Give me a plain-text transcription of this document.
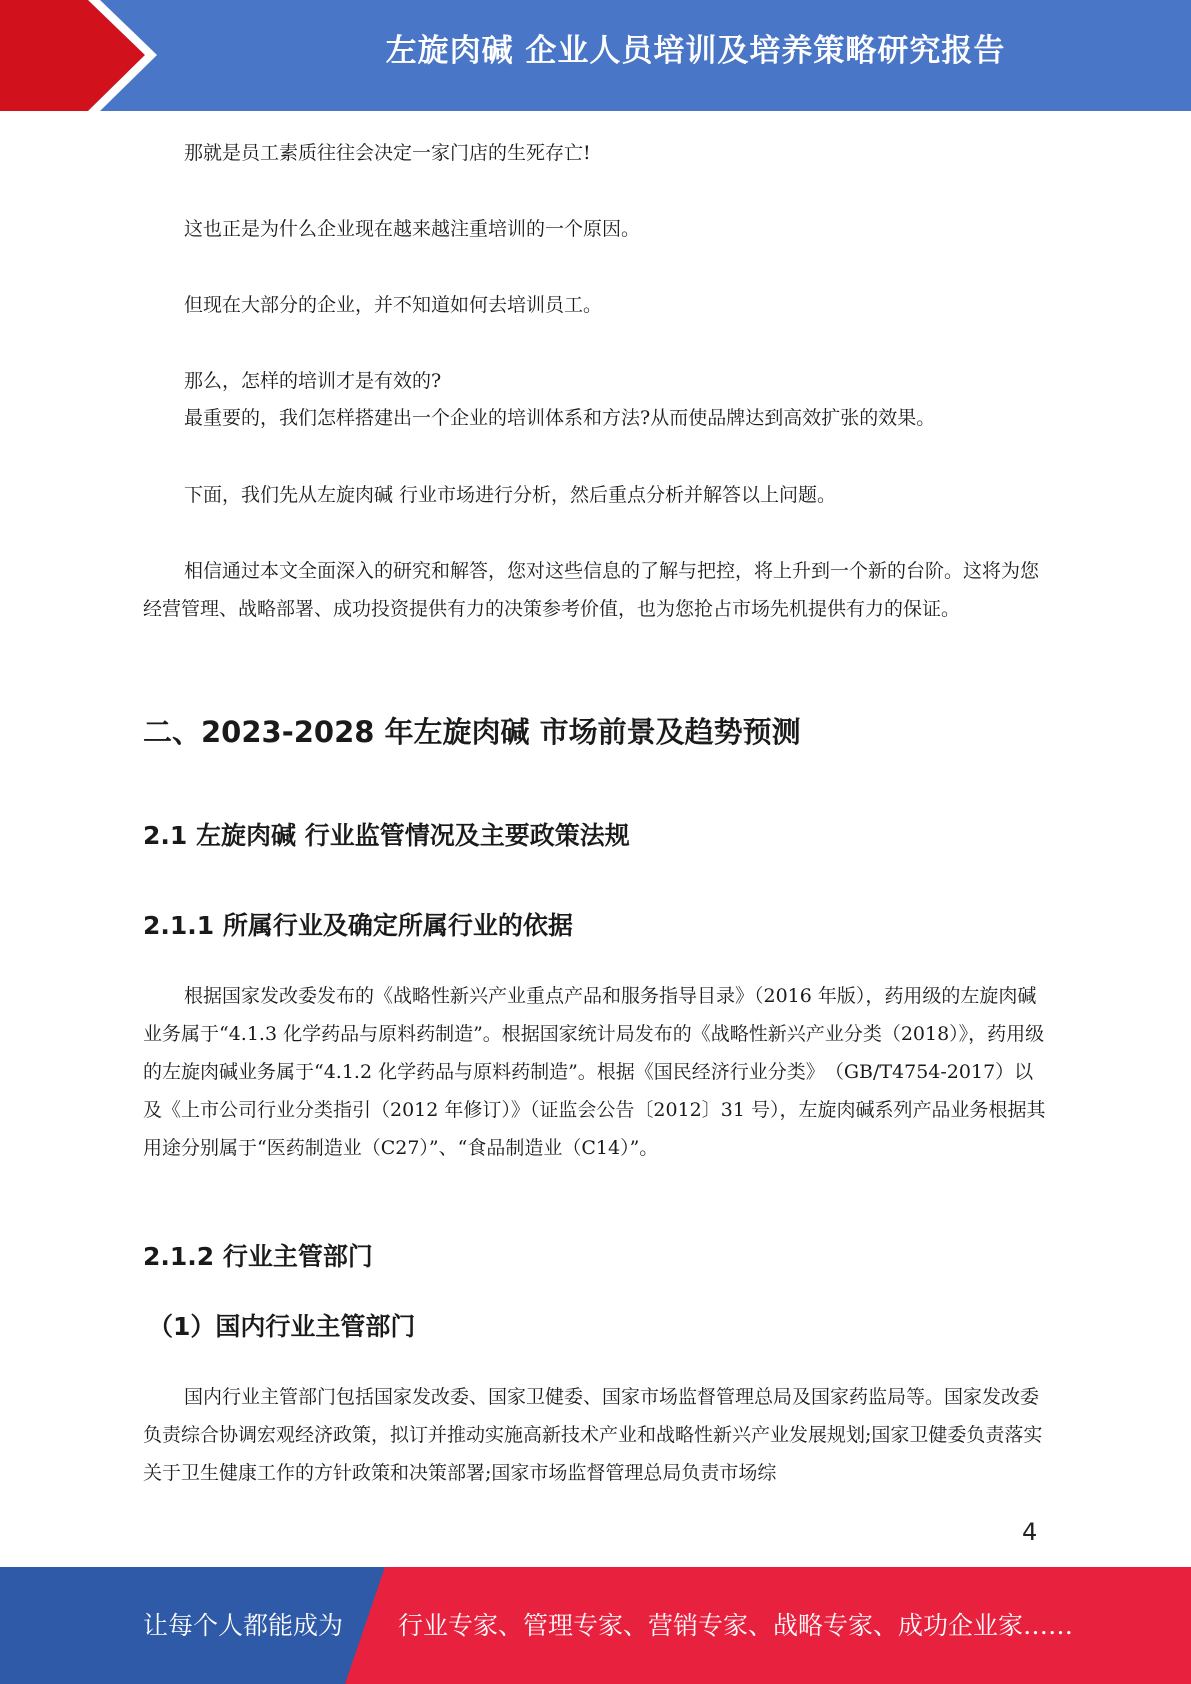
左旋肉碱 企业人员培训及培养策略研究报告

那就是员工素质往往会决定一家门店的生死存亡!

这也正是为什么企业现在越来越注重培训的一个原因。

但现在大部分的企业，并不知道如何去培训员工。

那么，怎样的培训才是有效的?

最重要的，我们怎样搭建出一个企业的培训体系和方法?从而使品牌达到高效扩张的效果。

下面，我们先从左旋肉碱 行业市场进行分析，然后重点分析并解答以上问题。

相信通过本文全面深入的研究和解答，您对这些信息的了解与把控，将上升到一个新的台阶。这将为您经营管理、战略部署、成功投资提供有力的决策参考价值，也为您抢占市场先机提供有力的保证。

二、2023-2028 年左旋肉碱 市场前景及趋势预测
2.1 左旋肉碱 行业监管情况及主要政策法规
2.1.1 所属行业及确定所属行业的依据

根据国家发改委发布的《战略性新兴产业重点产品和服务指导目录》（2016 年版），药用级的左旋肉碱业务属于“4.1.3 化学药品与原料药制造”。根据国家统计局发布的《战略性新兴产业分类（2018）》，药用级的左旋肉碱业务属于“4.1.2 化学药品与原料药制造”。根据《国民经济行业分类》　（GB/T4754-2017）以及《上市公司行业分类指引（2012 年修订）》（证监会公告〔2012〕31 号），左旋肉碱系列产品业务根据其用途分别属于“医药制造业（C27）”、“食品制造业（C14）”。

2.1.2 行业主管部门
（1）国内行业主管部门

国内行业主管部门包括国家发改委、国家卫健委、国家市场监督管理总局及国家药监局等。国家发改委负责综合协调宏观经济政策，拟订并推动实施高新技术产业和战略性新兴产业发展规划;国家卫健委负责落实关于卫生健康工作的方针政策和决策部署;国家市场监督管理总局负责市场综

4
让每个人都能成为 行业专家、管理专家、营销专家、战略专家、成功企业家……
